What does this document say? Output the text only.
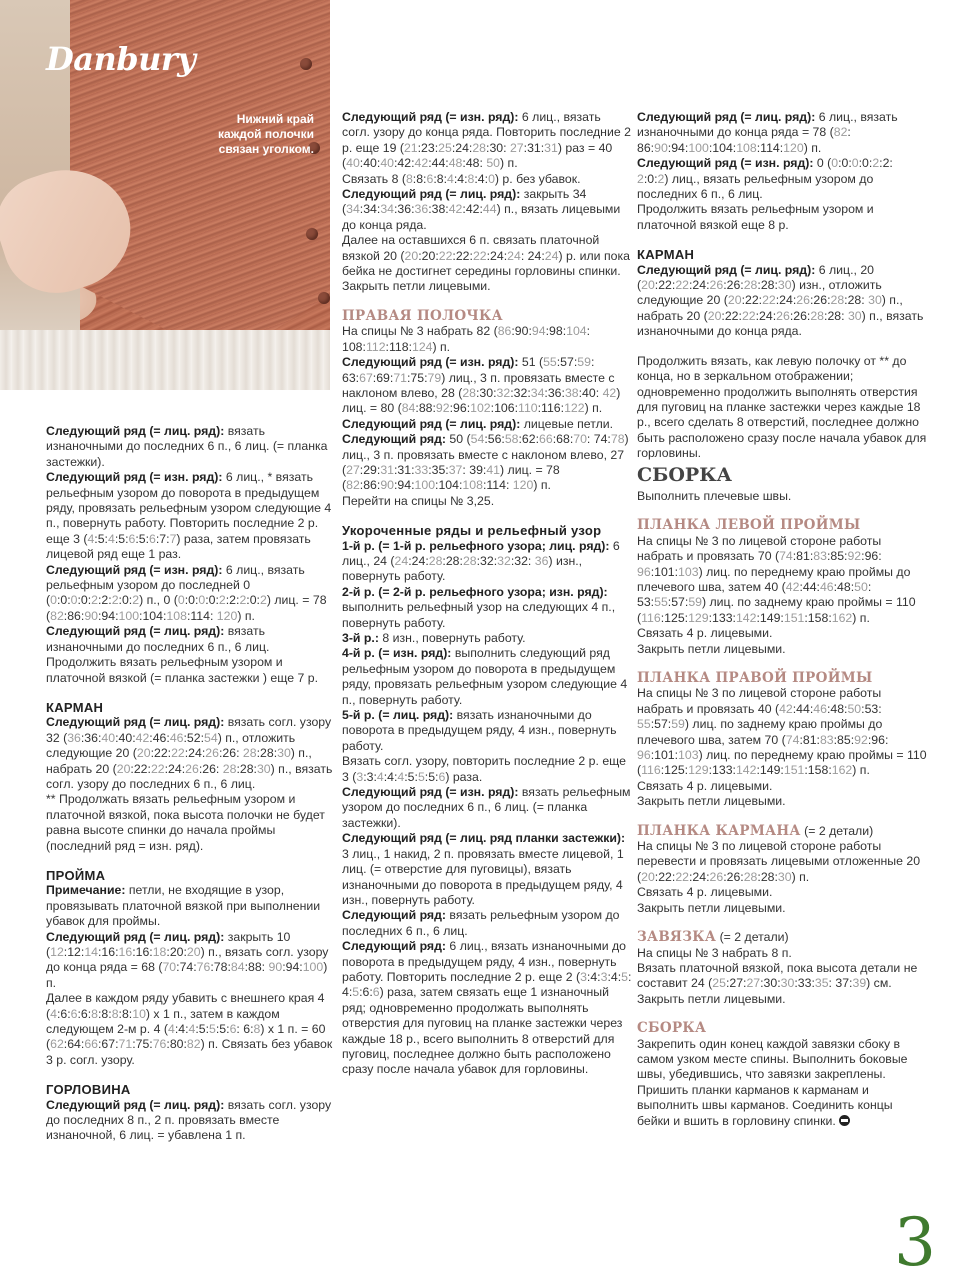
Danbury
Нижний край
каждой полочки
связан уголком.

Следующий ряд (= лиц. ряд): вязать изнаночными до последних 6 п., 6 лиц. (= планка застежки).

Следующий ряд (= изн. ряд): 6 лиц., * вязать рельефным узором до поворота в предыдущем ряду, провязать рельефным узором следующие 4 п., повернуть работу. Повторить последние 2 р. еще 3 (4:5:4:5:6:5:6:7:7) раза, затем провязать лицевой ряд еще 1 раз.

Следующий ряд (= изн. ряд): 6 лиц., вязать рельефным узором до последней 0 (0:0:0:0:2:2:2:0:2) п., 0 (0:0:0:0:2:2:2:0:2) лиц. = 78 (82:86:90:94:100:104:108:114: 120) п.

Следующий ряд (= лиц. ряд): вязать изнаночными до последних 6 п., 6 лиц. Продолжить вязать рельефным узором и платочной вязкой (= планка застежки ) еще 7 р.

КАРМАН

Следующий ряд (= лиц. ряд): вязать согл. узору 32 (36:36:40:40:42:46:46:52:54) п., отложить следующие 20 (20:22:22:24:26:26: 28:28:30) п., набрать 20 (20:22:22:24:26:26: 28:28:30) п., вязать согл. узору до последних 6 п., 6 лиц.

** Продолжать вязать рельефным узором и платочной вязкой, пока высота полочки не будет равна высоте спинки до начала проймы (последний ряд = изн. ряд).

ПРОЙМА

Примечание: петли, не входящие в узор, провязывать платочной вязкой при выполнении убавок для проймы.

Следующий ряд (= лиц. ряд): закрыть 10 (12:12:14:16:16:16:18:20:20) п., вязать согл. узору до конца ряда = 68 (70:74:76:78:84:88: 90:94:100) п.

Далее в каждом ряду убавить с внешнего края 4 (4:6:6:6:8:8:8:8:10) x 1 п., затем в каждом следующем 2-м р. 4 (4:4:4:5:5:5:6: 6:8) x 1 п. = 60 (62:64:66:67:71:75:76:80:82) п. Связать без убавок 3 р. согл. узору.

ГОРЛОВИНА

Следующий ряд (= лиц. ряд): вязать согл. узору до последних 8 п., 2 п. провязать вместе изнаночной, 6 лиц. = убавлена 1 п.

Следующий ряд (= изн. ряд): 6 лиц., вязать согл. узору до конца ряда. Повторить последние 2 р. еще 19 (21:23:25:24:28:30: 27:31:31) раз = 40 (40:40:40:42:42:44:48:48: 50) п.

Связать 8 (8:8:6:8:4:4:8:4:0) р. без убавок.

Следующий ряд (= лиц. ряд): закрыть 34 (34:34:34:36:36:38:42:42:44) п., вязать лицевыми до конца ряда.

Далее на оставшихся 6 п. связать платочной вязкой 20 (20:20:22:22:22:24:24: 24:24) р. или пока бейка не достигнет середины горловины спинки.

Закрыть петли лицевыми.

ПРАВАЯ ПОЛОЧКА

На спицы № 3 набрать 82 (86:90:94:98:104: 108:112:118:124) п.

Следующий ряд (= изн. ряд): 51 (55:57:59: 63:67:69:71:75:79) лиц., 3 п. провязать вместе с наклоном влево, 28 (28:30:32:32:34:36:38:40: 42) лиц. = 80 (84:88:92:96:102:106:110:116:122) п.

Следующий ряд (= лиц. ряд): лицевые петли.

Следующий ряд: 50 (54:56:58:62:66:68:70: 74:78) лиц., 3 п. провязать вместе с наклоном влево, 27 (27:29:31:31:33:35:37: 39:41) лиц. = 78 (82:86:90:94:100:104:108:114: 120) п.

Перейти на спицы № 3,25.

Укороченные ряды и рельефный узор

1-й р. (= 1-й р. рельефного узора; лиц. ряд): 6 лиц., 24 (24:24:28:28:28:32:32:32: 36) изн., повернуть работу.

2-й р. (= 2-й р. рельефного узора; изн. ряд): выполнить рельефный узор на следующих 4 п., повернуть работу.

3-й р.: 8 изн., повернуть работу.

4-й р. (= изн. ряд): выполнить следующий ряд рельефным узором до поворота в предыдущем ряду, провязать рельефным узором следующие 4 п., повернуть работу.

5-й р. (= лиц. ряд): вязать изнаночными до поворота в предыдущем ряду, 4 изн., повернуть работу.

Вязать согл. узору, повторить последние 2 р. еще 3 (3:3:4:4:4:5:5:5:6) раза.

Следующий ряд (= изн. ряд): вязать рельефным узором до последних 6 п., 6 лиц. (= планка застежки).

Следующий ряд (= лиц. ряд планки застежки): 3 лиц., 1 накид, 2 п. провязать вместе лицевой, 1 лиц. (= отверстие для пуговицы), вязать изнаночными до поворота в предыдущем ряду, 4 изн., повернуть работу.

Следующий ряд: вязать рельефным узором до последних 6 п., 6 лиц.

Следующий ряд: 6 лиц., вязать изнаночными до поворота в предыдущем ряду, 4 изн., повернуть работу. Повторить последние 2 р. еще 2 (3:4:3:4:5: 4:5:6:6) раза, затем связать еще 1 изнаночный ряд; одновременно продолжать выполнять отверстия для пуговиц на планке застежки через каждые 18 р., всего выполнить 8 отверстий для пуговиц, последнее должно быть расположено сразу после начала убавок для горловины.

Следующий ряд (= лиц. ряд): 6 лиц., вязать изнаночными до конца ряда = 78 (82: 86:90:94:100:104:108:114:120) п.

Следующий ряд (= изн. ряд): 0 (0:0:0:0:2:2: 2:0:2) лиц., вязать рельефным узором до последних 6 п., 6 лиц.

Продолжить вязать рельефным узором и платочной вязкой еще 8 р.

КАРМАН

Следующий ряд (= лиц. ряд): 6 лиц., 20 (20:22:22:24:26:26:28:28:30) изн., отложить следующие 20 (20:22:22:24:26:26:28:28: 30) п., набрать 20 (20:22:22:24:26:26:28:28: 30) п., вязать изнаночными до конца ряда.

Продолжить вязать, как левую полочку от ** до конца, но в зеркальном отображении; одновременно продолжить выполнять отверстия для пуговиц на планке застежки через каждые 18 р., всего сделать 8 отверстий, последнее должно быть расположено сразу после начала убавок для горловины.

СБОРКА

Выполнить плечевые швы.

ПЛАНКА ЛЕВОЙ ПРОЙМЫ

На спицы № 3 по лицевой стороне работы набрать и провязать 70 (74:81:83:85:92:96: 96:101:103) лиц. по переднему краю проймы до плечевого шва, затем 40 (42:44:46:48:50: 53:55:57:59) лиц. по заднему краю проймы = 110 (116:125:129:133:142:149:151:158:162) п.

Связать 4 р. лицевыми.

Закрыть петли лицевыми.

ПЛАНКА ПРАВОЙ ПРОЙМЫ

На спицы № 3 по лицевой стороне работы набрать и провязать 40 (42:44:46:48:50:53: 55:57:59) лиц. по заднему краю проймы до плечевого шва, затем 70 (74:81:83:85:92:96: 96:101:103) лиц. по переднему краю проймы = 110 (116:125:129:133:142:149:151:158:162) п.

Связать 4 р. лицевыми.

Закрыть петли лицевыми.

ПЛАНКА КАРМАНА (= 2 детали)

На спицы № 3 по лицевой стороне работы перевести и провязать лицевыми отложенные 20 (20:22:22:24:26:26:28:28:30) п.

Связать 4 р. лицевыми.

Закрыть петли лицевыми.

ЗАВЯЗКА (= 2 детали)

На спицы № 3 набрать 8 п.

Вязать платочной вязкой, пока высота детали не составит 24 (25:27:27:30:30:33:35: 37:39) см.

Закрыть петли лицевыми.

СБОРКА

Закрепить один конец каждой завязки сбоку в самом узком месте спины. Выполнить боковые швы, убедившись, что завязки закреплены. Пришить планки карманов к карманам и выполнить швы карманов. Соединить концы бейки и вшить в горловину спинки.

3
